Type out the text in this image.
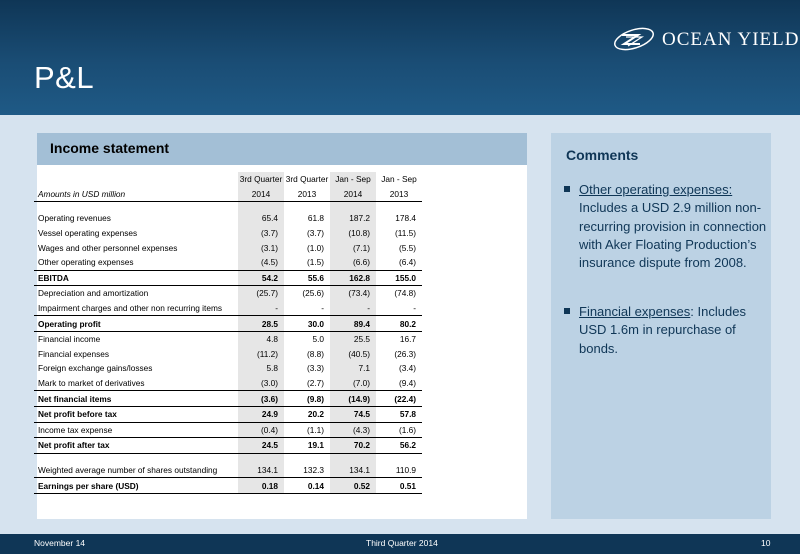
P&L
OCEAN YIELD
Income statement
	3rd Quarter	3rd Quarter	Jan - Sep	Jan - Sep
Amounts in USD million	2014	2013	2014	2013

Operating revenues	65.4	61.8	187.2	178.4
Vessel operating expenses	(3.7)	(3.7)	(10.8)	(11.5)
Wages and other personnel expenses	(3.1)	(1.0)	(7.1)	(5.5)
Other operating expenses	(4.5)	(1.5)	(6.6)	(6.4)
EBITDA	54.2	55.6	162.8	155.0
Depreciation and amortization	(25.7)	(25.6)	(73.4)	(74.8)
Impairment charges and other non recurring items	-	-	-	-
Operating profit	28.5	30.0	89.4	80.2
Financial income	4.8	5.0	25.5	16.7
Financial expenses	(11.2)	(8.8)	(40.5)	(26.3)
Foreign exchange gains/losses	5.8	(3.3)	7.1	(3.4)
Mark to market of derivatives	(3.0)	(2.7)	(7.0)	(9.4)
Net financial items	(3.6)	(9.8)	(14.9)	(22.4)
Net profit before tax	24.9	20.2	74.5	57.8
Income tax expense	(0.4)	(1.1)	(4.3)	(1.6)
Net profit after tax	24.5	19.1	70.2	56.2

Weighted average number of shares outstanding	134.1	132.3	134.1	110.9
Earnings per share (USD)	0.18	0.14	0.52	0.51
Comments
Other operating expenses: Includes a USD 2.9 million non-recurring provision in connection with Aker Floating Production’s insurance dispute from 2008.
Financial expenses: Includes USD 1.6m in repurchase of bonds.
November 14	Third Quarter 2014	10
